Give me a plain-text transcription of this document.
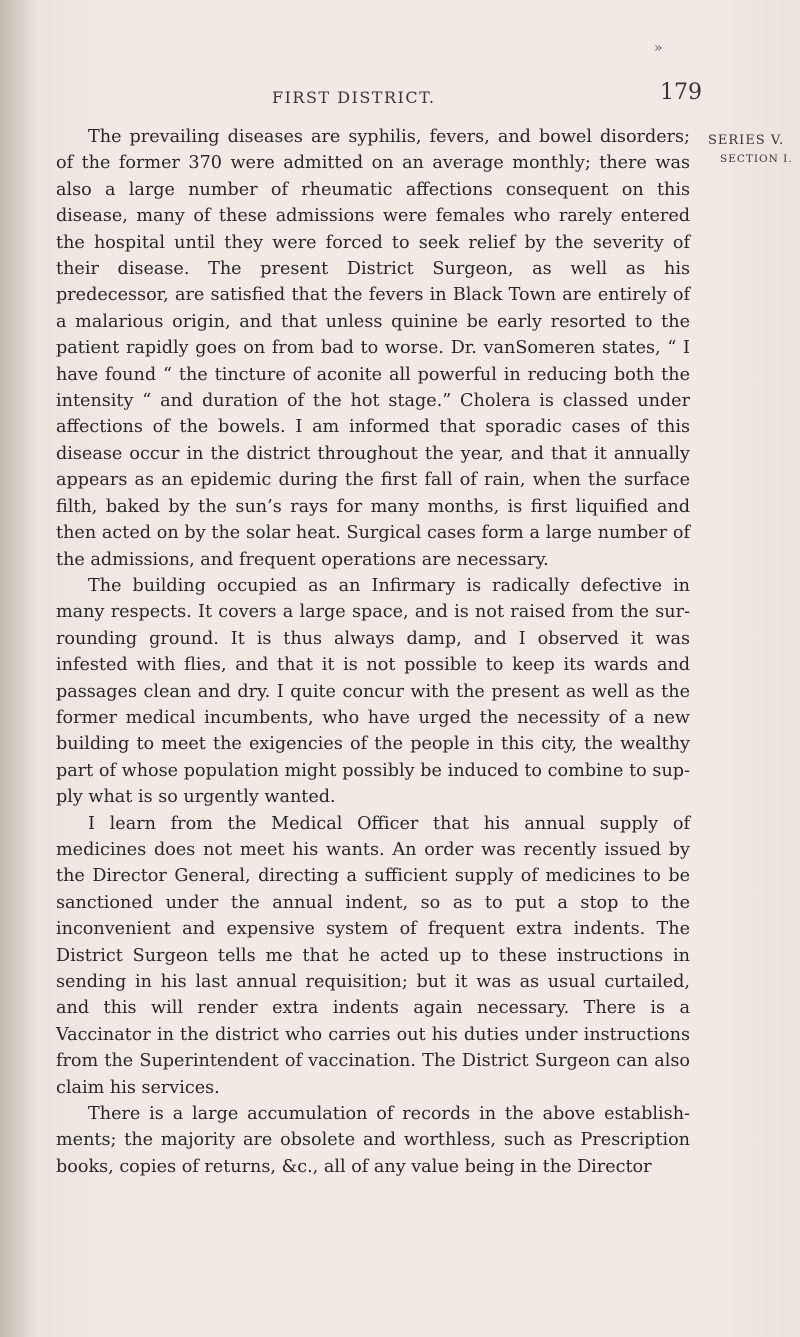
»
FIRST DISTRICT.	179
SERIES V.
SECTION I.

The prevailing diseases are syphilis, fevers, and bowel disorders; of the former 370 were admitted on an average monthly; there was also a large number of rheumatic affections consequent on this disease, many of these admissions were females who rarely entered the hospital until they were forced to seek relief by the severity of their disease. The present District Surgeon, as well as his predecessor, are satisfied that the fevers in Black Town are entirely of a malarious origin, and that unless quinine be early resorted to the patient rapidly goes on from bad to worse. Dr. vanSomeren states, “ I have found “ the tincture of aconite all powerful in reducing both the intensity “ and duration of the hot stage.” Cholera is classed under affections of the bowels. I am informed that sporadic cases of this disease occur in the district throughout the year, and that it annually appears as an epidemic during the first fall of rain, when the surface filth, baked by the sun’s rays for many months, is first liquified and then acted on by the solar heat. Surgical cases form a large number of the admissions, and frequent operations are necessary.

The building occupied as an Infirmary is radically defective in many respects. It covers a large space, and is not raised from the surrounding ground. It is thus always damp, and I observed it was infested with flies, and that it is not possible to keep its wards and passages clean and dry. I quite concur with the present as well as the former medical incumbents, who have urged the necessity of a new building to meet the exigencies of the people in this city, the wealthy part of whose population might possibly be induced to combine to supply what is so urgently wanted.

I learn from the Medical Officer that his annual supply of medicines does not meet his wants. An order was recently issued by the Director General, directing a sufficient supply of medicines to be sanctioned under the annual indent, so as to put a stop to the inconvenient and expensive system of frequent extra indents. The District Surgeon tells me that he acted up to these instructions in sending in his last annual requisition; but it was as usual curtailed, and this will render extra indents again necessary. There is a Vaccinator in the district who carries out his duties under instructions from the Superintendent of vaccination. The District Surgeon can also claim his services.

There is a large accumulation of records in the above establishments; the majority are obsolete and worthless, such as Prescription books, copies of returns, &c., all of any value being in the Director
